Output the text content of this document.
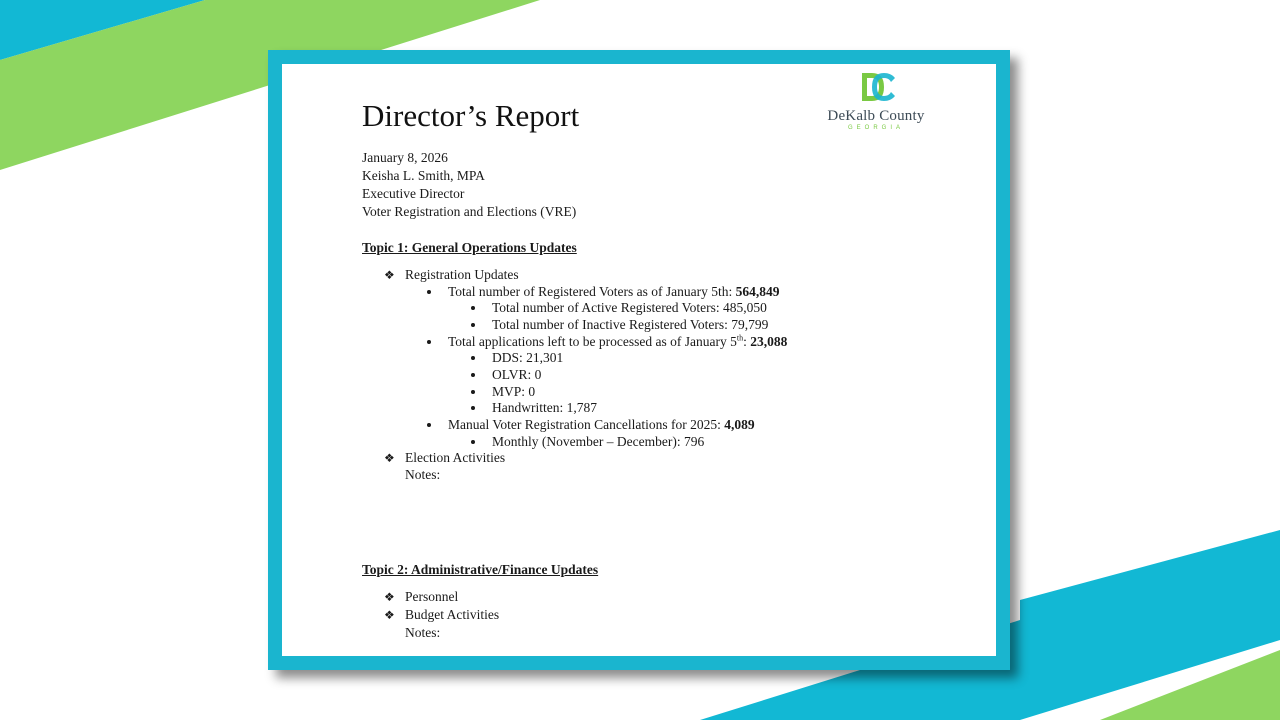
DeKalb County
GEORGIA
Director’s Report
January 8, 2026
Keisha L. Smith, MPA
Executive Director
Voter Registration and Elections (VRE)
Topic 1: General Operations Updates
❖ Registration Updates
Total number of Registered Voters as of January 5th: 564,849
Total number of Active Registered Voters: 485,050
Total number of Inactive Registered Voters: 79,799
Total applications left to be processed as of January 5th: 23,088
DDS: 21,301
OLVR: 0
MVP: 0
Handwritten: 1,787
Manual Voter Registration Cancellations for 2025: 4,089
Monthly (November – December): 796
❖ Election Activities
Notes:
Topic 2: Administrative/Finance Updates
❖ Personnel
❖ Budget Activities
Notes:
